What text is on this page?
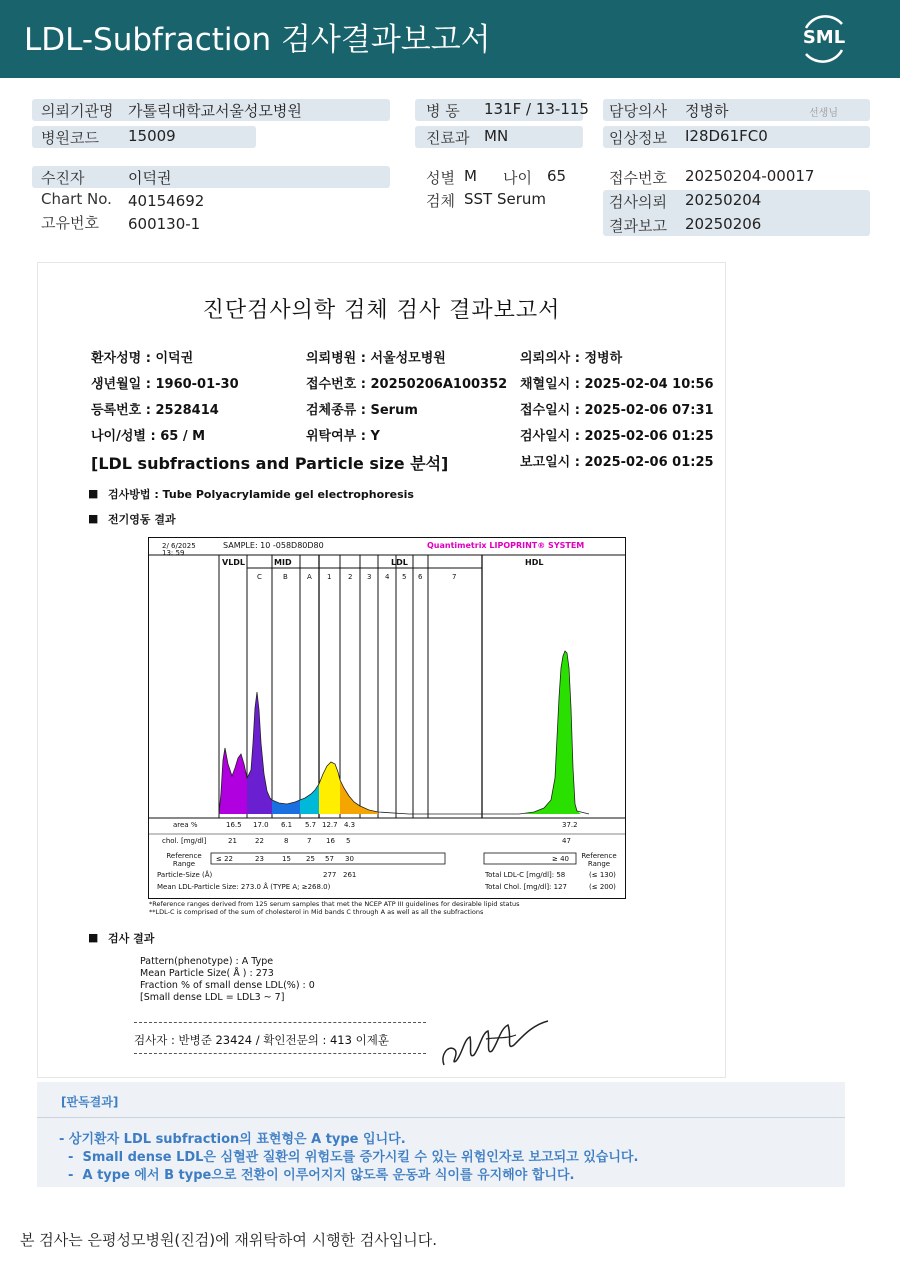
LDL-Subfraction 검사결과보고서	SML
의뢰기관명 가톨릭대학교서울성모병원	병 동 131F / 13-115 담당의사 정병하	선생님
병원코드 15009	진료과 MN	임상정보 I28D61FC0
수진자	이덕권	성별 M 나이 65	접수번호 20250204-00017
Chart No. 40154692	검체 SST Serum	검사의뢰 20250204
고유번호 600130-1	결과보고 20250206
진단검사의학 검체 검사 결과보고서
환자성명 : 이덕권	의뢰병원 : 서울성모병원	의뢰의사 : 정병하
생년월일 : 1960-01-30	접수번호 : 20250206A100352 채혈일시 : 2025-02-04 10:56
등록번호 : 2528414	검체종류 : Serum	접수일시 : 2025-02-06 07:31
나이/성별 : 65 / M	위탁여부 : Y	검사일시 : 2025-02-06 01:25
[LDL subfractions and Particle size 분석]	보고일시 : 2025-02-06 01:25
■ 검사방법 : Tube Polyacrylamide gel electrophoresis
■ 전기영동 결과
2/ 6/2025
13: 59
SAMPLE: 10 -058D80D80	Quantimetrix LIPOPRINT® SYSTEM
VLDL	MID	LDL	HDL
C	B	A 1 2 3 4 5 6	7
area %	16.5 17.0 6.1 5.7 12.7 4.3	37.2
chol. [mg/dl]	21	22	8	7 16 5	47
Reference Range
≤ 22	23	15 25 57 30	≥ 40	Reference Range
Particle-Size (Å)	277 261	Total LDL-C [mg/dl]: 58	(≤ 130)
Mean LDL-Particle Size: 273.0 Å (TYPE A; ≥268.0)	Total Chol. [mg/dl]: 127	(≤ 200)
*Reference ranges derived from 125 serum samples that met the NCEP ATP III guidelines for desirable lipid status
**LDL-C is comprised of the sum of cholesterol in Mid bands C through A as well as all the subfractions
■ 검사 결과
Pattern(phenotype) : A Type
Mean Particle Size( Å ) : 273
Fraction % of small dense LDL(%) : 0
[Small dense LDL = LDL3 ~ 7]
검사자 : 반병준 23424 / 확인전문의 : 413 이제훈
[판독결과]
- 상기환자 LDL subfraction의 표현형은 A type 입니다.
-  Small dense LDL은 심혈관 질환의 위험도를 증가시킬 수 있는 위험인자로 보고되고 있습니다.
-  A type 에서 B type으로 전환이 이루어지지 않도록 운동과 식이를 유지해야 합니다.
본 검사는 은평성모병원(진검)에 재위탁하여 시행한 검사입니다.
